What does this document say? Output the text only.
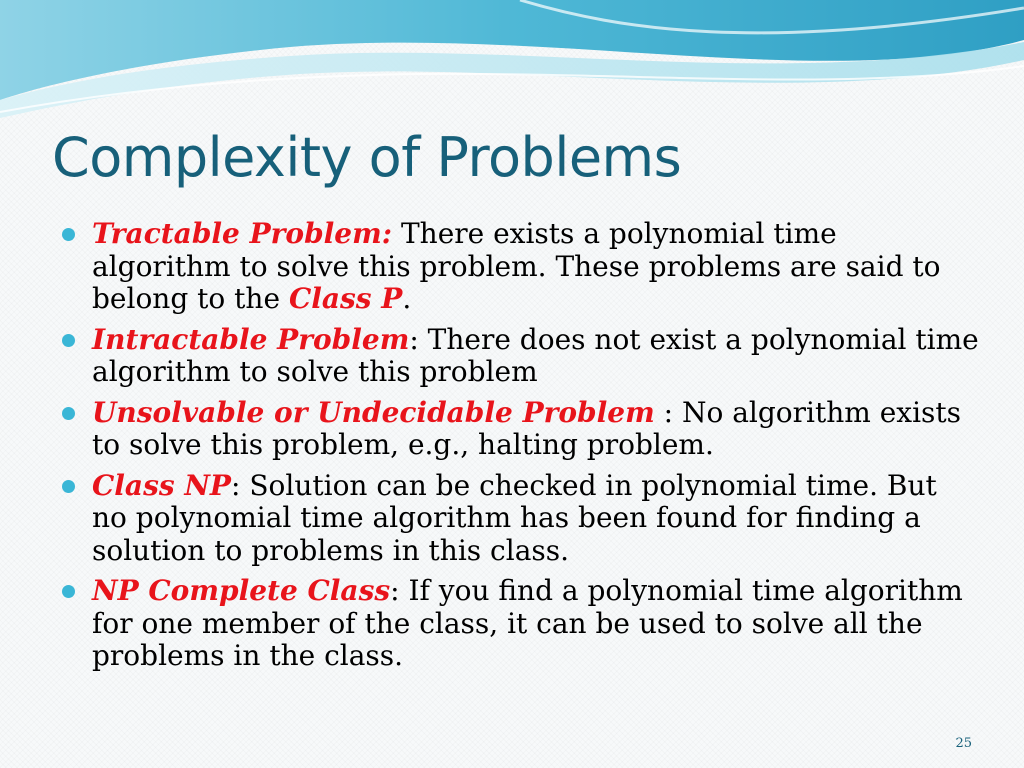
Complexity of Problems
Tractable Problem: There exists a polynomial time algorithm to solve this problem. These problems are said to belong to the Class P.
Intractable Problem: There does not exist a polynomial time algorithm to solve this problem
Unsolvable or Undecidable Problem : No algorithm exists to solve this problem, e.g., halting problem.
Class NP: Solution can be checked in polynomial time. But no polynomial time algorithm has been found for finding a solution to problems in this class.
NP Complete Class: If you find a polynomial time algorithm for one member of the class, it can be used to solve all the problems in the class.
25
